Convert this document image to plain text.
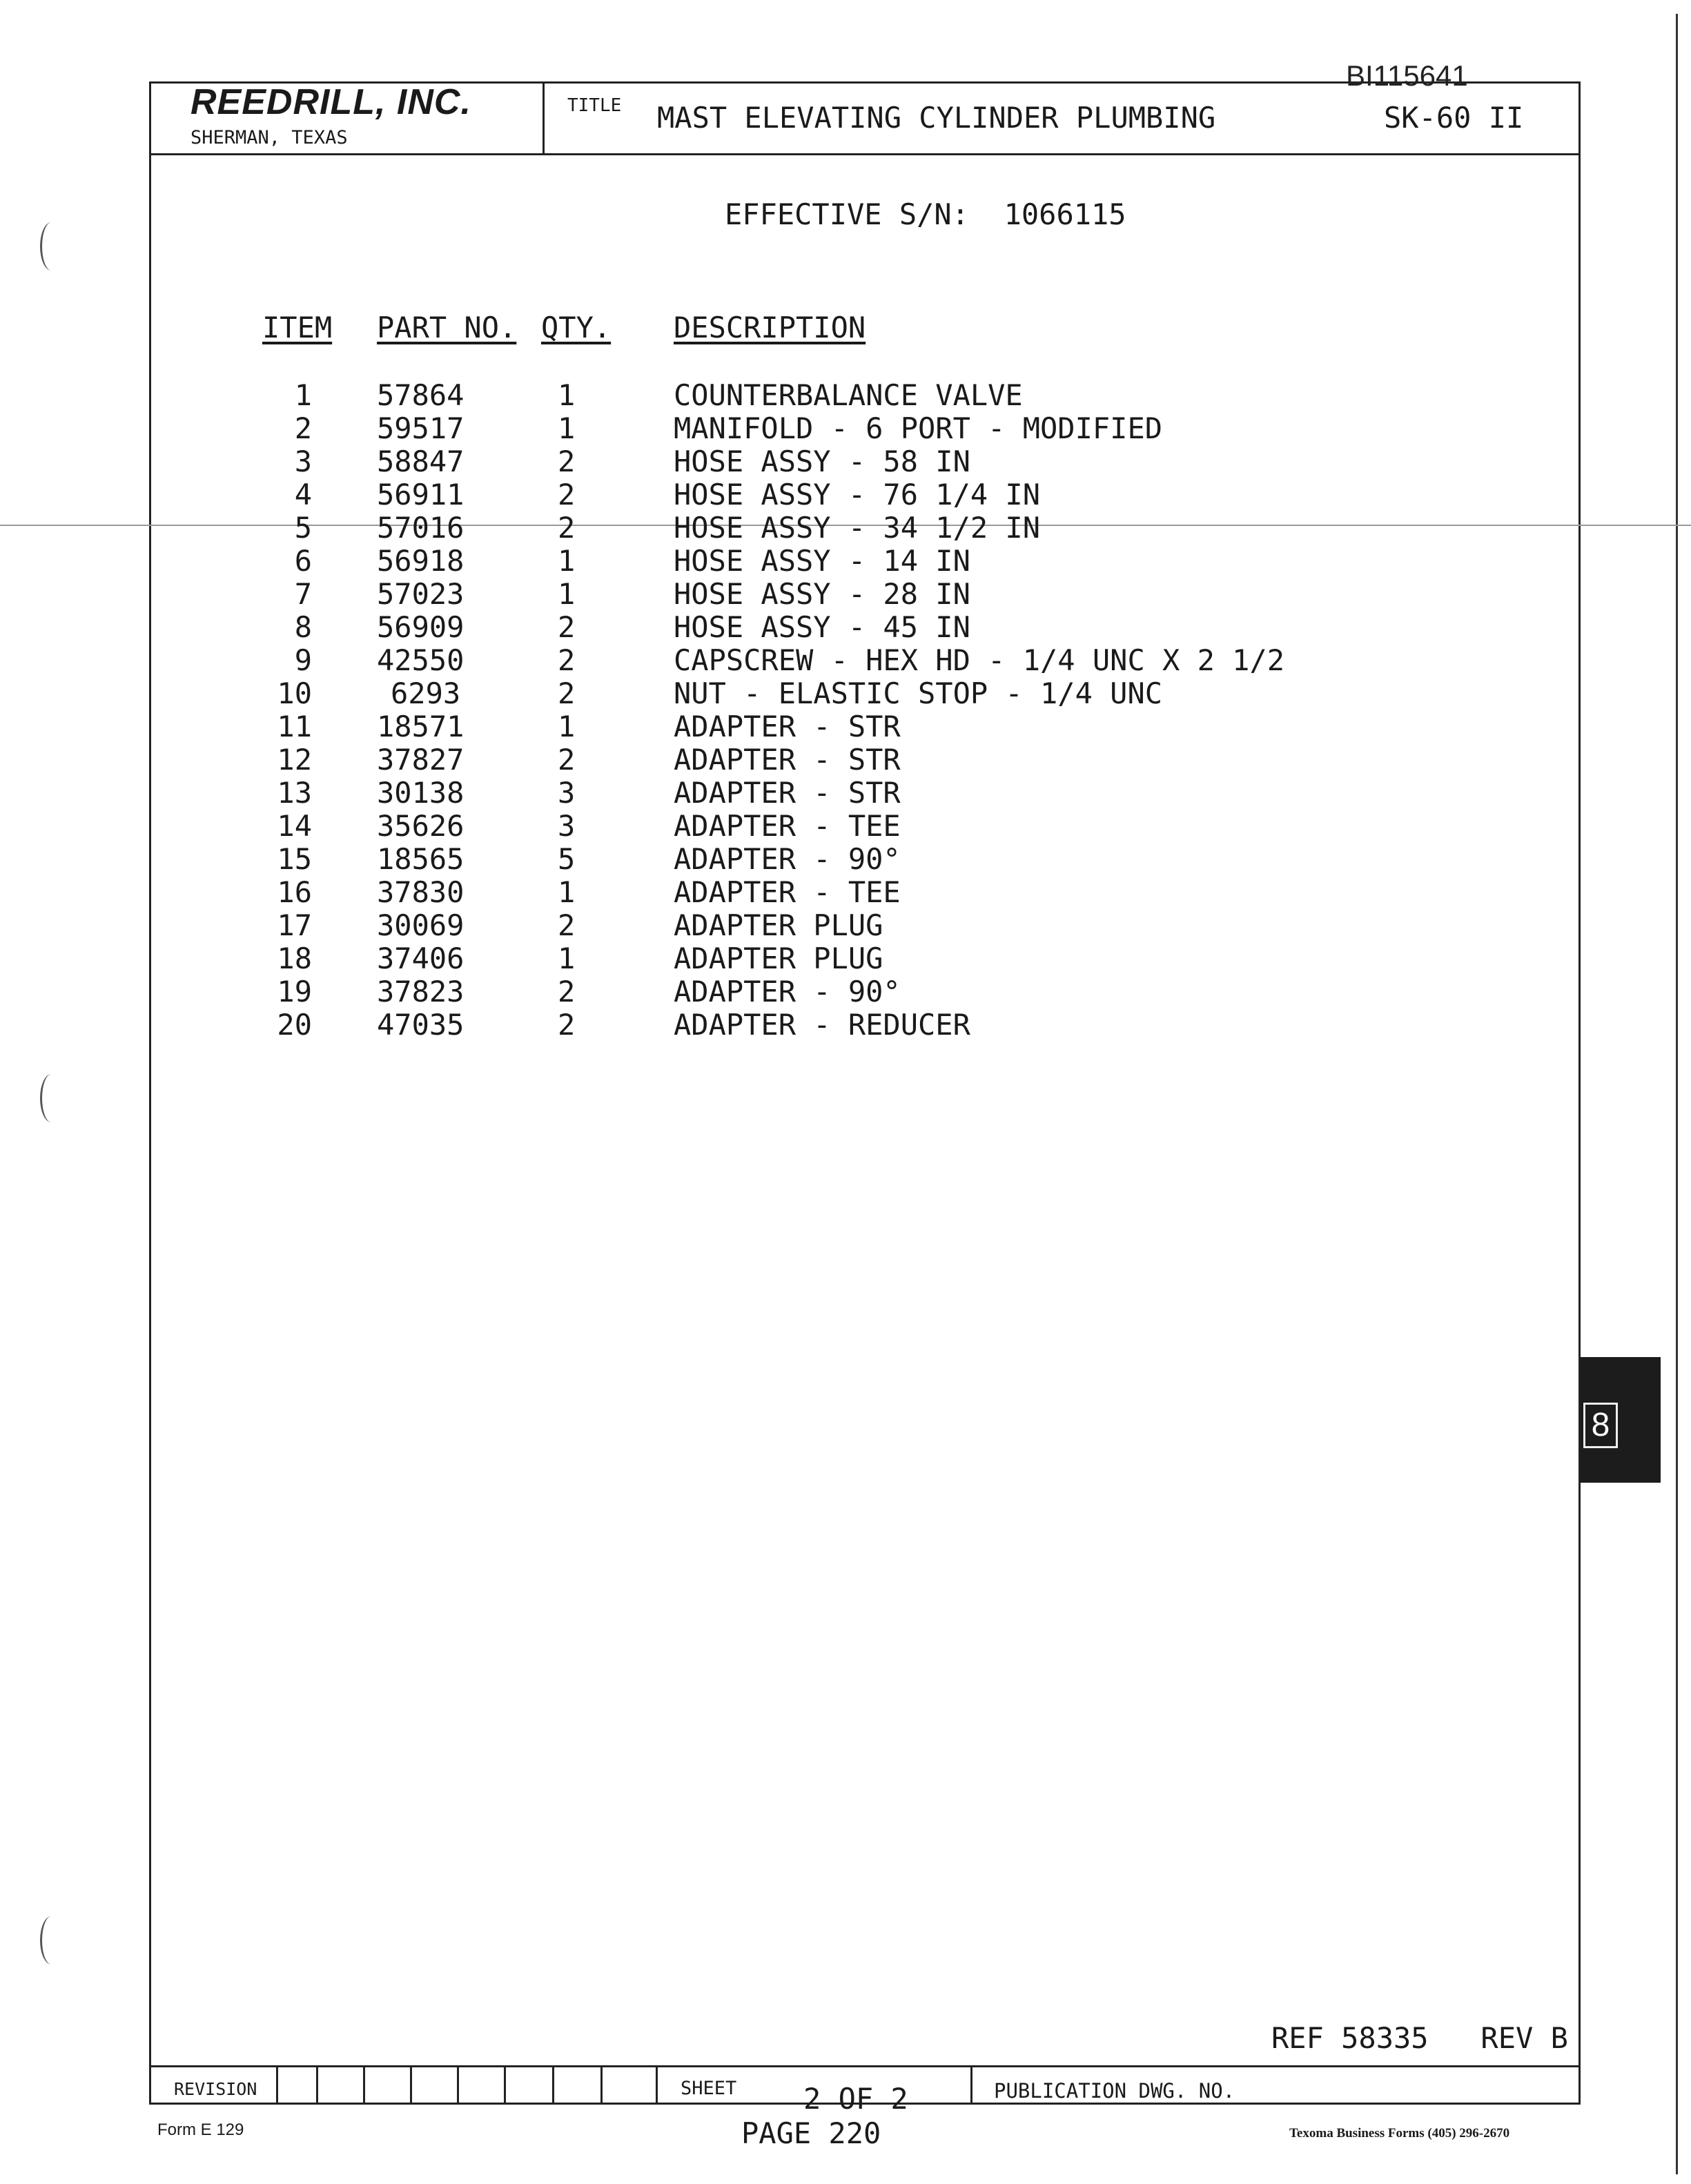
BI115641
REEDRILL, INC.
SHERMAN, TEXAS
TITLE MAST ELEVATING CYLINDER PLUMBING	SK-60 II
EFFECTIVE S/N: 1066115
ITEM PART NO. QTY. DESCRIPTION
1 57864	1	COUNTERBALANCE VALVE
2 59517	1	MANIFOLD - 6 PORT - MODIFIED
3 58847	2	HOSE ASSY - 58 IN
4 56911	2	HOSE ASSY - 76 1/4 IN
5 57016	2	HOSE ASSY - 34 1/2 IN
6 56918	1	HOSE ASSY - 14 IN
7 57023	1	HOSE ASSY - 28 IN
8 56909	2	HOSE ASSY - 45 IN
9 42550	2	CAPSCREW - HEX HD - 1/4 UNC X 2 1/2
10	6293	2	NUT - ELASTIC STOP - 1/4 UNC
11 18571	1	ADAPTER - STR
12 37827	2	ADAPTER - STR
13 30138	3	ADAPTER - STR
14 35626	3	ADAPTER - TEE
15 18565	5	ADAPTER - 90°
16 37830	1	ADAPTER - TEE
17 30069	2	ADAPTER PLUG
18 37406	1	ADAPTER PLUG
19 37823	2	ADAPTER - 90°
20 47035	2	ADAPTER - REDUCER
REF 58335   REV B
REVISION	SHEET 2 OF 2	PUBLICATION DWG. NO.
Form E 129	PAGE 220	Texoma Business Forms (405) 296-2670
8
